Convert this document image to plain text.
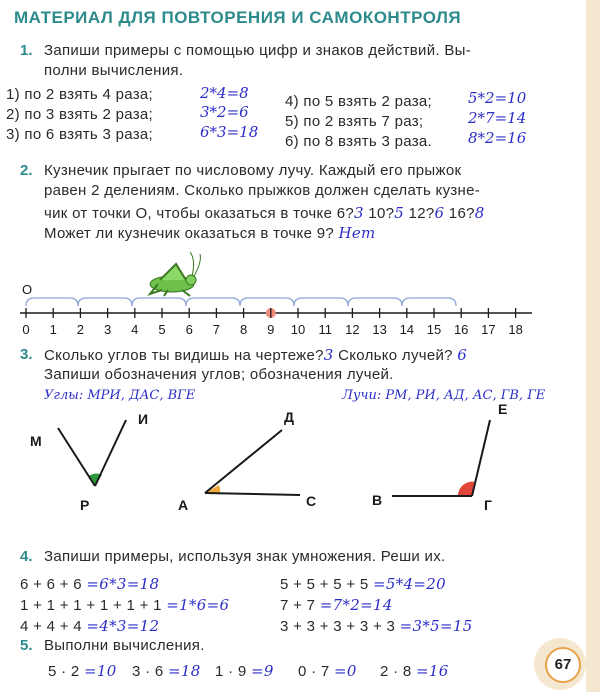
МАТЕРИАЛ ДЛЯ ПОВТОРЕНИЯ И САМОКОНТРОЛЯ
1. Запиши примеры с помощью цифр и знаков действий. Вы-
полни вычисления.
1) по 2 взять 4 раза;	2*4=8
2) по 3 взять 2 раза;	3*2=6
3) по 6 взять 3 раза;	6*3=18
4) по 5 взять 2 раза; 5*2=10
5) по 2 взять 7 раз;	2*7=14
6) по 8 взять 3 раза. 8*2=16
2. Кузнечик прыгает по числовому лучу. Каждый его прыжок
равен 2 делениям. Сколько прыжков должен сделать кузне-
чик от точки О, чтобы оказаться в точке 6?3 10?5 12?6 16?8
Может ли кузнечик оказаться в точке 9? Нет
О
0 1 2 3 4 5 6 7 8 9 10 11 12 13 14 15 16 17 18
3. Сколько углов ты видишь на чертеже?3 Сколько лучей? 6
Запиши обозначения углов; обозначения лучей.
Углы: МРИ, ДАС, ВГЕ	Лучи: РМ, РИ, АД, АС, ГВ, ГЕ
М
И
Р
Д
А	С	В	Г
Е
4. Запиши примеры, используя знак умножения. Реши их.
6 + 6 + 6 =6*3=18
1 + 1 + 1 + 1 + 1 + 1 =1*6=6
4 + 4 + 4 =4*3=12
5 + 5 + 5 + 5 =5*4=20
7 + 7 =7*2=14
3 + 3 + 3 + 3 + 3 =3*5=15
5. Выполни вычисления.
5 · 2 =10 3 · 6 =18 1 · 9 =9 0 · 7 =0 2 · 8 =16	67
